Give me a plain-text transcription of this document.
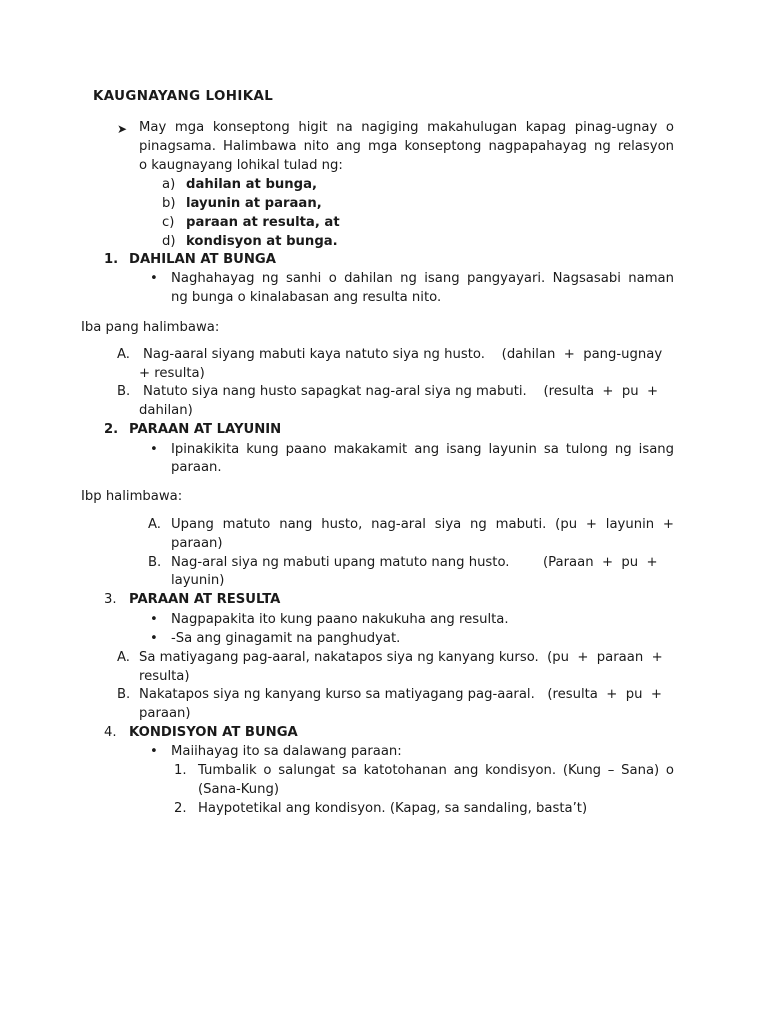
KAUGNAYANG LOHIKAL
➤ May mga konseptong higit na nagiging makahulugan kapag pinag-ugnay o
pinagsama. Halimbawa nito ang mga konseptong nagpapahayag ng relasyon
o kaugnayang lohikal tulad ng:
a) dahilan at bunga,
b) layunin at paraan,
c) paraan at resulta, at
d) kondisyon at bunga.
1. DAHILAN AT BUNGA
• Naghahayag ng sanhi o dahilan ng isang pangyayari. Nagsasabi naman
ng bunga o kinalabasan ang resulta nito.
Iba pang halimbawa:
A. Nag-aaral siyang mabuti kaya natuto siya ng husto.    (dahilan  +  pang-ugnay
+ resulta)
B. Natuto siya nang husto sapagkat nag-aral siya ng mabuti.    (resulta  +  pu  +
dahilan)
2. PARAAN AT LAYUNIN
• Ipinakikita kung paano makakamit ang isang layunin sa tulong ng isang
paraan.
Ibp halimbawa:
A. Upang matuto nang husto, nag-aral siya ng mabuti. (pu + layunin +
paraan)
B. Nag-aral siya ng mabuti upang matuto nang husto.        (Paraan  +  pu  +
layunin)
3. PARAAN AT RESULTA
• Nagpapakita ito kung paano nakukuha ang resulta.
• -Sa ang ginagamit na panghudyat.
A. Sa matiyagang pag-aaral, nakatapos siya ng kanyang kurso.  (pu  +  paraan  +
resulta)
B. Nakatapos siya ng kanyang kurso sa matiyagang pag-aaral.   (resulta  +  pu  +
paraan)
4. KONDISYON AT BUNGA
• Maiihayag ito sa dalawang paraan:
1. Tumbalik o salungat sa katotohanan ang kondisyon. (Kung – Sana) o
(Sana-Kung)
2. Haypotetikal ang kondisyon. (Kapag, sa sandaling, basta’t)
